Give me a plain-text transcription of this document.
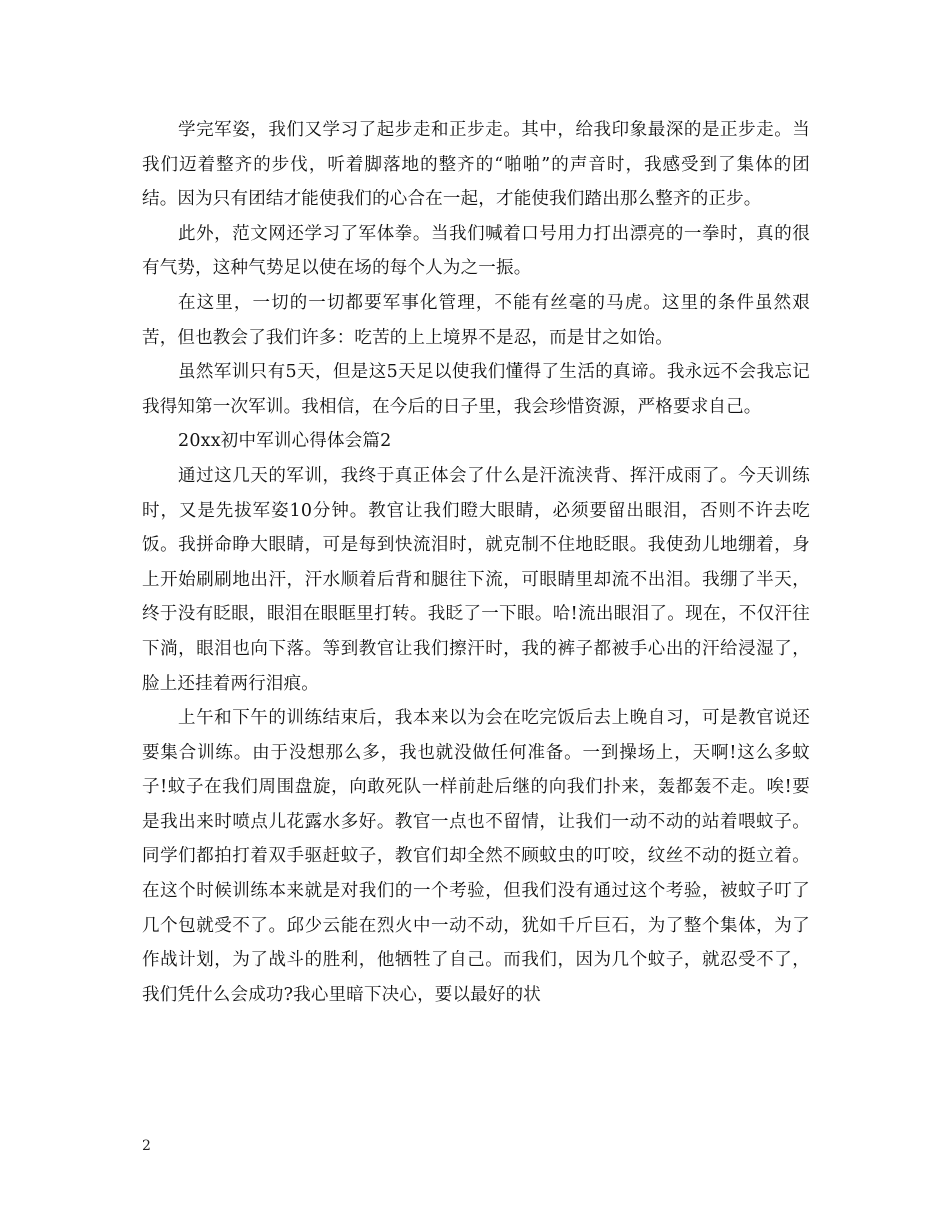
学完军姿，我们又学习了起步走和正步走。其中，给我印象最深的是正步走。当我们迈着整齐的步伐，听着脚落地的整齐的“啪啪”的声音时，我感受到了集体的团结。因为只有团结才能使我们的心合在一起，才能使我们踏出那么整齐的正步。

此外，范文网还学习了军体拳。当我们喊着口号用力打出漂亮的一拳时，真的很有气势，这种气势足以使在场的每个人为之一振。

在这里，一切的一切都要军事化管理，不能有丝毫的马虎。这里的条件虽然艰苦，但也教会了我们许多：吃苦的上上境界不是忍，而是甘之如饴。

虽然军训只有5天，但是这5天足以使我们懂得了生活的真谛。我永远不会我忘记我得知第一次军训。我相信，在今后的日子里，我会珍惜资源，严格要求自己。

20xx初中军训心得体会篇2

通过这几天的军训，我终于真正体会了什么是汗流浃背、挥汗成雨了。今天训练时，又是先拔军姿10分钟。教官让我们瞪大眼睛，必须要留出眼泪，否则不许去吃饭。我拼命睁大眼睛，可是每到快流泪时，就克制不住地眨眼。我使劲儿地绷着，身上开始刷刷地出汗，汗水顺着后背和腿往下流，可眼睛里却流不出泪。我绷了半天，终于没有眨眼，眼泪在眼眶里打转。我眨了一下眼。哈!流出眼泪了。现在，不仅汗往下淌，眼泪也向下落。等到教官让我们擦汗时，我的裤子都被手心出的汗给浸湿了，脸上还挂着两行泪痕。

上午和下午的训练结束后，我本来以为会在吃完饭后去上晚自习，可是教官说还要集合训练。由于没想那么多，我也就没做任何准备。一到操场上，天啊!这么多蚊子!蚊子在我们周围盘旋，向敢死队一样前赴后继的向我们扑来，轰都轰不走。唉!要是我出来时喷点儿花露水多好。教官一点也不留情，让我们一动不动的站着喂蚊子。同学们都拍打着双手驱赶蚊子，教官们却全然不顾蚊虫的叮咬，纹丝不动的挺立着。在这个时候训练本来就是对我们的一个考验，但我们没有通过这个考验，被蚊子叮了几个包就受不了。邱少云能在烈火中一动不动，犹如千斤巨石，为了整个集体，为了作战计划，为了战斗的胜利，他牺牲了自己。而我们，因为几个蚊子，就忍受不了，我们凭什么会成功?我心里暗下决心，要以最好的状

2
